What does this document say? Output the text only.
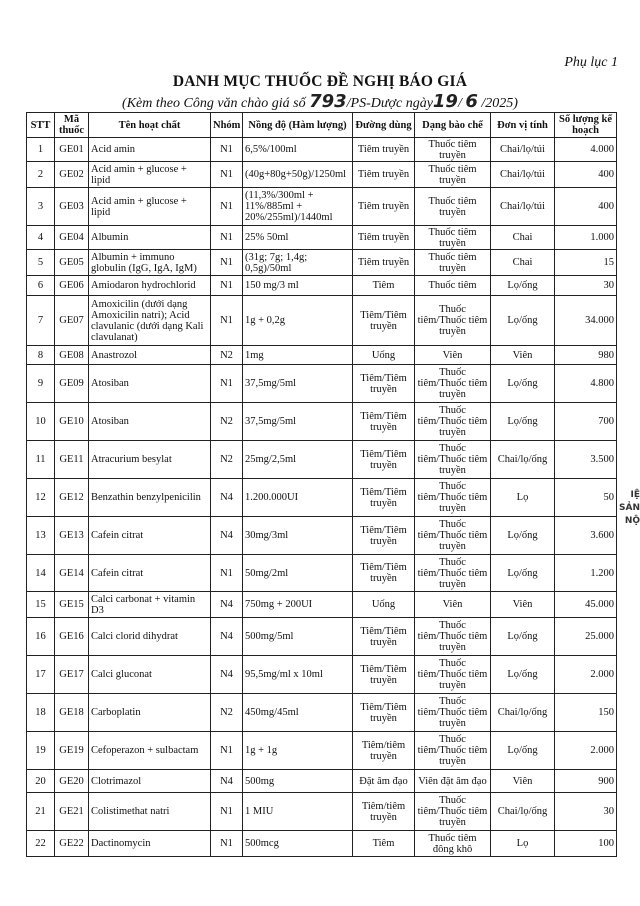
Phụ lục 1
DANH MỤC THUỐC ĐỀ NGHỊ BÁO GIÁ
(Kèm theo Công văn chào giá số 793/PS-Dược ngày19/ 6 /2025)
STT	Mã thuốc	Tên hoạt chất	Nhóm	Nồng độ (Hàm lượng)	Đường dùng	Dạng bào chế	Đơn vị tính	Số lượng kế hoạch
1	GE01	Acid amin	N1	6,5%/100ml	Tiêm truyền	Thuốc tiêm truyền	Chai/lọ/túi	4.000
2	GE02	Acid amin + glucose + lipid	N1	(40g+80g+50g)/1250ml	Tiêm truyền	Thuốc tiêm truyền	Chai/lọ/túi	400
3	GE03	Acid amin + glucose + lipid	N1	(11,3%/300ml + 11%/885ml + 20%/255ml)/1440ml	Tiêm truyền	Thuốc tiêm truyền	Chai/lọ/túi	400
4	GE04	Albumin	N1	25% 50ml	Tiêm truyền	Thuốc tiêm truyền	Chai	1.000
5	GE05	Albumin + immuno globulin (IgG, IgA, IgM)	N1	(31g; 7g; 1,4g; 0,5g)/50ml	Tiêm truyền	Thuốc tiêm truyền	Chai	15
6	GE06	Amiodaron hydrochlorid	N1	150 mg/3 ml	Tiêm	Thuốc tiêm	Lọ/ống	30
7	GE07	Amoxicilin (dưới dạng Amoxicilin natri); Acid clavulanic (dưới dạng Kali clavulanat)	N1	1g + 0,2g	Tiêm/Tiêm truyền	Thuốc tiêm/Thuốc tiêm truyền	Lọ/ống	34.000
8	GE08	Anastrozol	N2	1mg	Uống	Viên	Viên	980
9	GE09	Atosiban	N1	37,5mg/5ml	Tiêm/Tiêm truyền	Thuốc tiêm/Thuốc tiêm truyền	Lọ/ống	4.800
10	GE10	Atosiban	N2	37,5mg/5ml	Tiêm/Tiêm truyền	Thuốc tiêm/Thuốc tiêm truyền	Lọ/ống	700
11	GE11	Atracurium besylat	N2	25mg/2,5ml	Tiêm/Tiêm truyền	Thuốc tiêm/Thuốc tiêm truyền	Chai/lọ/ống	3.500
12	GE12	Benzathin benzylpenicilin	N4	1.200.000UI	Tiêm/Tiêm truyền	Thuốc tiêm/Thuốc tiêm truyền	Lọ	50
13	GE13	Cafein citrat	N4	30mg/3ml	Tiêm/Tiêm truyền	Thuốc tiêm/Thuốc tiêm truyền	Lọ/ống	3.600
14	GE14	Cafein citrat	N1	50mg/2ml	Tiêm/Tiêm truyền	Thuốc tiêm/Thuốc tiêm truyền	Lọ/ống	1.200
15	GE15	Calci carbonat + vitamin D3	N4	750mg + 200UI	Uống	Viên	Viên	45.000
16	GE16	Calci clorid dihydrat	N4	500mg/5ml	Tiêm/Tiêm truyền	Thuốc tiêm/Thuốc tiêm truyền	Lọ/ống	25.000
17	GE17	Calci gluconat	N4	95,5mg/ml x 10ml	Tiêm/Tiêm truyền	Thuốc tiêm/Thuốc tiêm truyền	Lọ/ống	2.000
18	GE18	Carboplatin	N2	450mg/45ml	Tiêm/Tiêm truyền	Thuốc tiêm/Thuốc tiêm truyền	Chai/lọ/ống	150
19	GE19	Cefoperazon + sulbactam	N1	1g + 1g	Tiêm/tiêm truyền	Thuốc tiêm/Thuốc tiêm truyền	Lọ/ống	2.000
20	GE20	Clotrimazol	N4	500mg	Đặt âm đạo	Viên đặt âm đạo	Viên	900
21	GE21	Colistimethat natri	N1	1 MIU	Tiêm/tiêm truyền	Thuốc tiêm/Thuốc tiêm truyền	Chai/lọ/ống	30
22	GE22	Dactinomycin	N1	500mcg	Tiêm	Thuốc tiêm đông khô	Lọ	100
IỆ
SẢN
NỘ
